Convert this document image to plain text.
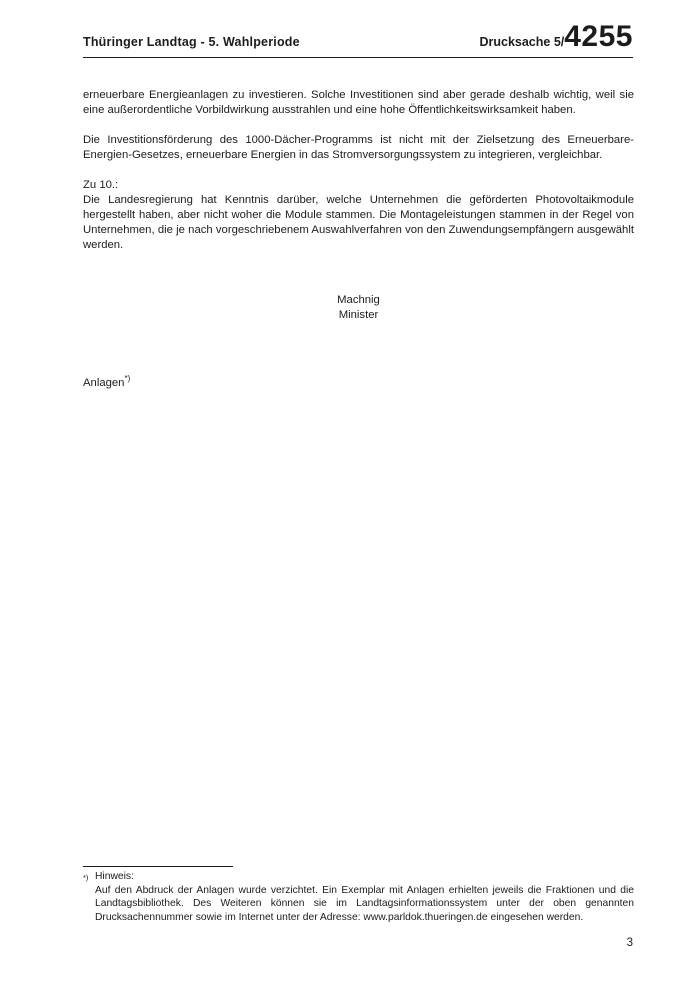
Thüringer Landtag - 5. Wahlperiode	Drucksache 5/ 4255

erneuerbare Energieanlagen zu investieren. Solche Investitionen sind aber gerade deshalb wichtig, weil sie eine außerordentliche Vorbildwirkung ausstrahlen und eine hohe Öffentlichkeitswirksamkeit haben.

Die Investitionsförderung des 1000-Dächer-Programms ist nicht mit der Zielsetzung des Erneuerbare-Energien-Gesetzes, erneuerbare Energien in das Stromversorgungssystem zu integrieren, vergleichbar.

Zu 10.:
Die Landesregierung hat Kenntnis darüber, welche Unternehmen die geförderten Photovoltaikmodule hergestellt haben, aber nicht woher die Module stammen. Die Montageleistungen stammen in der Regel von Unternehmen, die je nach vorgeschriebenem Auswahlverfahren von den Zuwendungsempfängern ausgewählt werden.

Machnig
Minister
Anlagen*)
*) Hinweis:
Auf den Abdruck der Anlagen wurde verzichtet. Ein Exemplar mit Anlagen erhielten jeweils die Fraktionen und die Landtagsbibliothek. Des Weiteren können sie im Landtagsinformationssystem unter der oben genannten Drucksachennummer sowie im Internet unter der Adresse: www.parldok.thueringen.de eingesehen werden.
3
